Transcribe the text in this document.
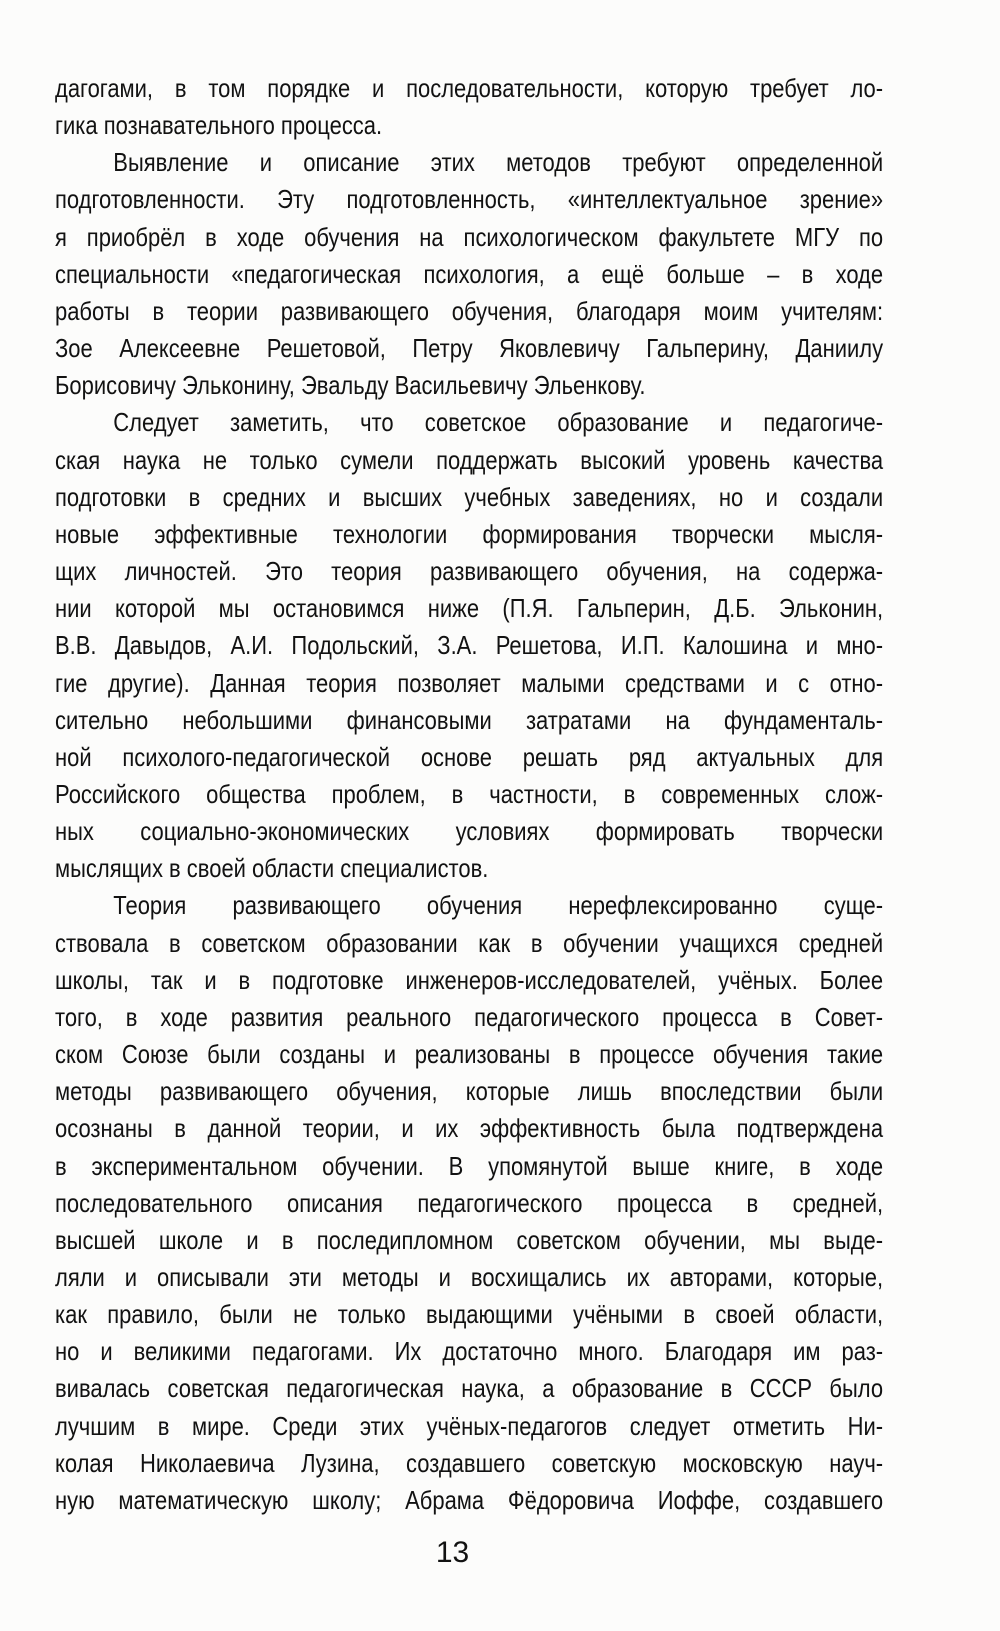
дагогами, в том порядке и последовательности, которую требует ло-
гика познавательного процесса.
Выявление и описание этих методов требуют определенной
подготовленности. Эту подготовленность, «интеллектуальное зрение»
я приобрёл в ходе обучения на психологическом факультете МГУ по
специальности «педагогическая психология, а ещё больше – в ходе
работы в теории развивающего обучения, благодаря моим учителям:
Зое Алексеевне Решетовой, Петру Яковлевичу Гальперину, Даниилу
Борисовичу Эльконину, Эвальду Васильевичу Эльенкову.
Следует заметить, что советское образование и педагогиче-
ская наука не только сумели поддержать высокий уровень качества
подготовки в средних и высших учебных заведениях, но и создали
новые эффективные технологии формирования творчески мысля-
щих личностей. Это теория развивающего обучения, на содержа-
нии которой мы остановимся ниже (П.Я. Гальперин, Д.Б. Эльконин,
В.В. Давыдов, А.И. Подольский, З.А. Решетова, И.П. Калошина и мно-
гие другие). Данная теория позволяет малыми средствами и с отно-
сительно небольшими финансовыми затратами на фундаменталь-
ной психолого-педагогической основе решать ряд актуальных для
Российского общества проблем, в частности, в современных слож-
ных социально-экономических условиях формировать творчески
мыслящих в своей области специалистов.
Теория развивающего обучения нерефлексированно суще-
ствовала в советском образовании как в обучении учащихся средней
школы, так и в подготовке инженеров-исследователей, учёных. Более
того, в ходе развития реального педагогического процесса в Совет-
ском Союзе были созданы и реализованы в процессе обучения такие
методы развивающего обучения, которые лишь впоследствии были
осознаны в данной теории, и их эффективность была подтверждена
в экспериментальном обучении. В упомянутой выше книге, в ходе
последовательного описания педагогического процесса в средней,
высшей школе и в последипломном советском обучении, мы выде-
ляли и описывали эти методы и восхищались их авторами, которые,
как правило, были не только выдающими учёными в своей области,
но и великими педагогами. Их достаточно много. Благодаря им раз-
вивалась советская педагогическая наука, а образование в СССР было
лучшим в мире. Среди этих учёных-педагогов следует отметить Ни-
колая Николаевича Лузина, создавшего советскую московскую науч-
ную математическую школу; Абрама Фёдоровича Иоффе, создавшего
13
